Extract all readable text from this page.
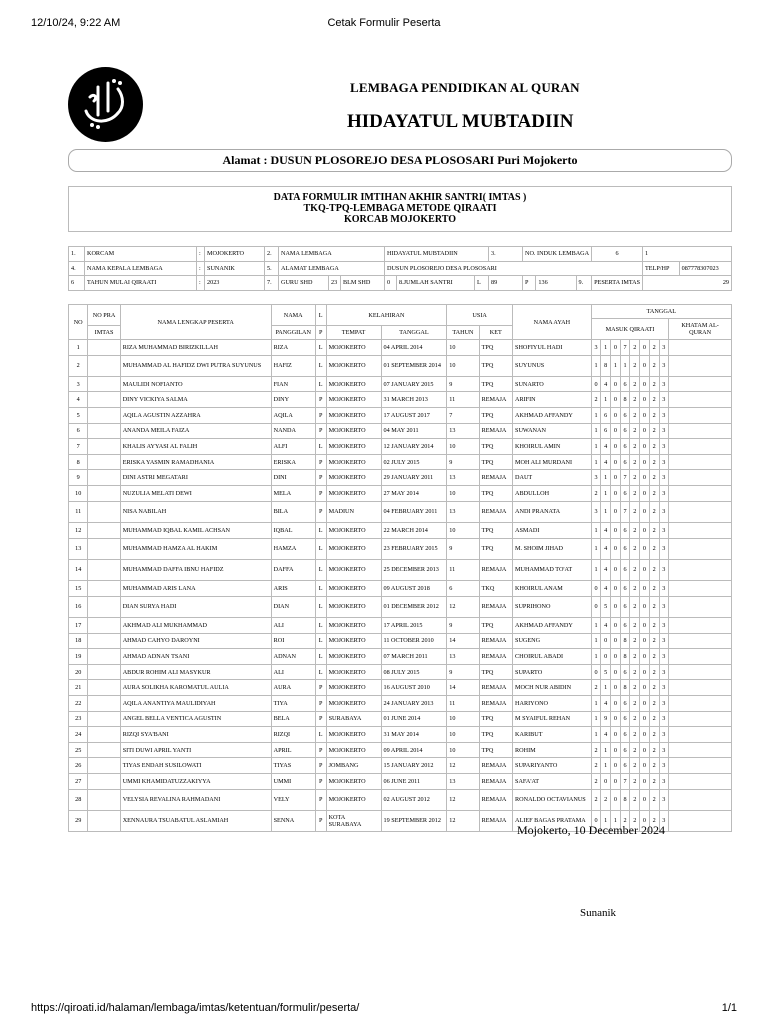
12/10/24, 9:22 AM	Cetak Formulir Peserta
LEMBAGA PENDIDIKAN AL QURAN
HIDAYATUL MUBTADIIN
Alamat : DUSUN PLOSOREJO DESA PLOSOSARI Puri Mojokerto
DATA FORMULIR IMTIHAN AKHIR SANTRI( IMTAS )
TKQ-TPQ-LEMBAGA METODE QIRAATI
KORCAB MOJOKERTO
1.	KORCAM	:	MOJOKERTO	2.	NAMA LEMBAGA			HIDAYATUL MUBTADIIN			3.	NO. INDUK LEMBAGA			6	1	
4.	NAMA KEPALA LEMBAGA	:	SUNANIK	5.	ALAMAT LEMBAGA			DUSUN PLOSOREJO DESA PLOSOSARI								TELP/HP	087778307023
6	TAHUN MULAI QIRAATI	:	2023	7.	GURU SHD	23	BLM SHD	0	8.JUMLAH SANTRI	L	89	P	136	9.	PESERTA IMTAS	29	
NO	NO PRA	NAMA LENGKAP PESERTA	NAMA	L	KELAHIRAN		USIA		NAMA AYAH	TANGGAL								
										MASUK QIRAATI								KHATAM AL-QURAN
	IMTAS		PANGGILAN	P	TEMPAT	TANGGAL	TAHUN	KET										
1		RIZA MUHAMMAD BIRIZKILLAH	RIZA	L	MOJOKERTO	04 APRIL 2014	10	TPQ	SHOFIYUL HADI	3	1	0	7	2	0	2	3	
2		MUHAMMAD AL HAFIDZ DWI PUTRA SUYUNUS	HAFIZ	L	MOJOKERTO	01 SEPTEMBER 2014	10	TPQ	SUYUNUS	1	8	1	1	2	0	2	3	
3		MAULIDI NOFIANTO	FIAN	L	MOJOKERTO	07 JANUARY 2015	9	TPQ	SUNARTO	0	4	0	6	2	0	2	3	
4		DINY VICKIYA SALMA	DINY	P	MOJOKERTO	31 MARCH 2013	11	REMAJA	ARIFIN	2	1	0	8	2	0	2	3	
5		AQILA AGUSTIN AZZAHRA	AQILA	P	MOJOKERTO	17 AUGUST 2017	7	TPQ	AKHMAD AFFANDY	1	6	0	6	2	0	2	3	
6		ANANDA MEILA FAIZA	NANDA	P	MOJOKERTO	04 MAY 2011	13	REMAJA	SUWANAN	1	6	0	6	2	0	2	3	
7		KHALIS AYYASI AL FALIH	ALFI	L	MOJOKERTO	12 JANUARY 2014	10	TPQ	KHOIRUL AMIN	1	4	0	6	2	0	2	3	
8		ERISKA YASMIN RAMADHANIA	ERISKA	P	MOJOKERTO	02 JULY 2015	9	TPQ	MOH ALI MURDANI	1	4	0	6	2	0	2	3	
9		DINI ASTRI MEGATARI	DINI	P	MOJOKERTO	29 JANUARY 2011	13	REMAJA	DAUT	3	1	0	7	2	0	2	3	
10		NUZULIA MELATI DEWI	MELA	P	MOJOKERTO	27 MAY 2014	10	TPQ	ABDULLOH	2	1	0	6	2	0	2	3	
11		NISA NABILAH	BILA	P	MADIUN	04 FEBRUARY 2011	13	REMAJA	ANDI PRANATA	3	1	0	7	2	0	2	3	
12		MUHAMMAD IQBAL KAMIL ACHSAN	IQBAL	L	MOJOKERTO	22 MARCH 2014	10	TPQ	ASMADI	1	4	0	6	2	0	2	3	
13		MUHAMMAD HAMZA AL HAKIM	HAMZA	L	MOJOKERTO	23 FEBRUARY 2015	9	TPQ	M. SHOIM JIHAD	1	4	0	6	2	0	2	3	
14		MUHAMMAD DAFFA IBNU HAFIDZ	DAFFA	L	MOJOKERTO	25 DECEMBER 2013	11	REMAJA	MUHAMMAD TO'AT	1	4	0	6	2	0	2	3	
15		MUHAMMAD ARIS LANA	ARIS	L	MOJOKERTO	09 AUGUST 2018	6	TKQ	KHOIRUL ANAM	0	4	0	6	2	0	2	3	
16		DIAN SURYA HADI	DIAN	L	MOJOKERTO	01 DECEMBER 2012	12	REMAJA	SUPRIHONO	0	5	0	6	2	0	2	3	
17		AKHMAD ALI MUKHAMMAD	ALI	L	MOJOKERTO	17 APRIL 2015	9	TPQ	AKHMAD AFFANDY	1	4	0	6	2	0	2	3	
18		AHMAD CAHYO DAROYNI	ROI	L	MOJOKERTO	11 OCTOBER 2010	14	REMAJA	SUGENG	1	0	0	8	2	0	2	3	
19		AHMAD ADNAN TSANI	ADNAN	L	MOJOKERTO	07 MARCH 2011	13	REMAJA	CHOIRUL ABADI	1	0	0	8	2	0	2	3	
20		ABDUR ROHIM ALI MASYKUR	ALI	L	MOJOKERTO	08 JULY 2015	9	TPQ	SUPARTO	0	5	0	6	2	0	2	3	
21		AURA SOLIKHA KAROMATUL AULIA	AURA	P	MOJOKERTO	16 AUGUST 2010	14	REMAJA	MOCH NUR ABIDIN	2	1	0	8	2	0	2	3	
22		AQILA ANANTIYA MAULIDIYAH	TIYA	P	MOJOKERTO	24 JANUARY 2013	11	REMAJA	HARIYONO	1	4	0	6	2	0	2	3	
23		ANGEL BELLA VENTICA AGUSTIN	BELA	P	SURABAYA	01 JUNE 2014	10	TPQ	M SYAIFUL REHAN	1	9	0	6	2	0	2	3	
24		RIZQI SYA'BANI	RIZQI	L	MOJOKERTO	31 MAY 2014	10	TPQ	KARIBUT	1	4	0	6	2	0	2	3	
25		SITI DUWI APRIL YANTI	APRIL	P	MOJOKERTO	09 APRIL 2014	10	TPQ	ROHIM	2	1	0	6	2	0	2	3	
26		TIYAS ENDAH SUSILOWATI	TIYAS	P	JOMBANG	15 JANUARY 2012	12	REMAJA	SUPARIYANTO	2	1	0	6	2	0	2	3	
27		UMMI KHAMIDATUZZAKIYYA	UMMI	P	MOJOKERTO	06 JUNE 2011	13	REMAJA	SAFA'AT	2	0	0	7	2	0	2	3	
28		VELYSIA REVALINA RAHMADANI	VELY	P	MOJOKERTO	02 AUGUST 2012	12	REMAJA	RONALDO OCTAVIANUS	2	2	0	8	2	0	2	3	
29		XENNAURA TSUABATUL ASLAMIAH	SENNA	P	KOTA SURABAYA	19 SEPTEMBER 2012	12	REMAJA	ALIEF BAGAS PRATAMA	0	1	1	2	2	0	2	3	
Mojokerto, 10 December 2024
Sunanik
https://qiroati.id/halaman/lembaga/imtas/ketentuan/formulir/peserta/	1/1
